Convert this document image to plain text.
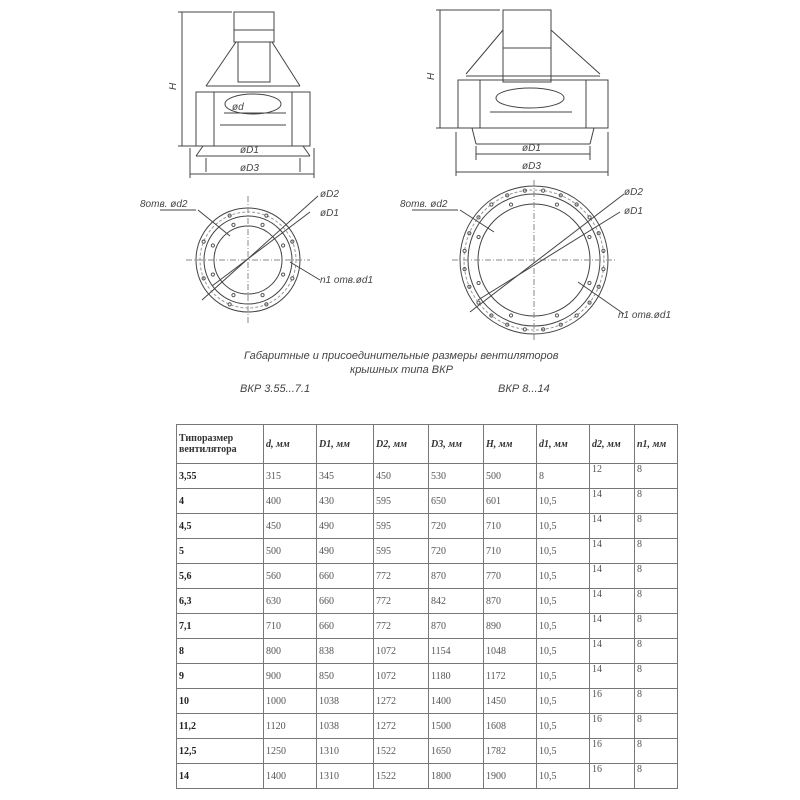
H
ød
øD1
øD3
H
øD1
øD3
øD2
øD1
8отв. ød2
n1 отв.ød1
øD2
øD1
8отв. ød2
n1 отв.ød1
Габаритные и присоединительные размеры вентиляторов
крышных типа ВКР
ВКР 3.55...7.1	ВКР 8...14
Типоразмер вентилятора	d, мм	D1, мм	D2, мм	D3, мм	H, мм	d1, мм	d2, мм	n1, мм
3,55	315	345	450	530	500	8	12	8
4	400	430	595	650	601	10,5	14	8
4,5	450	490	595	720	710	10,5	14	8
5	500	490	595	720	710	10,5	14	8
5,6	560	660	772	870	770	10,5	14	8
6,3	630	660	772	842	870	10,5	14	8
7,1	710	660	772	870	890	10,5	14	8
8	800	838	1072	1154	1048	10,5	14	8
9	900	850	1072	1180	1172	10,5	14	8
10	1000	1038	1272	1400	1450	10,5	16	8
11,2	1120	1038	1272	1500	1608	10,5	16	8
12,5	1250	1310	1522	1650	1782	10,5	16	8
14	1400	1310	1522	1800	1900	10,5	16	8
